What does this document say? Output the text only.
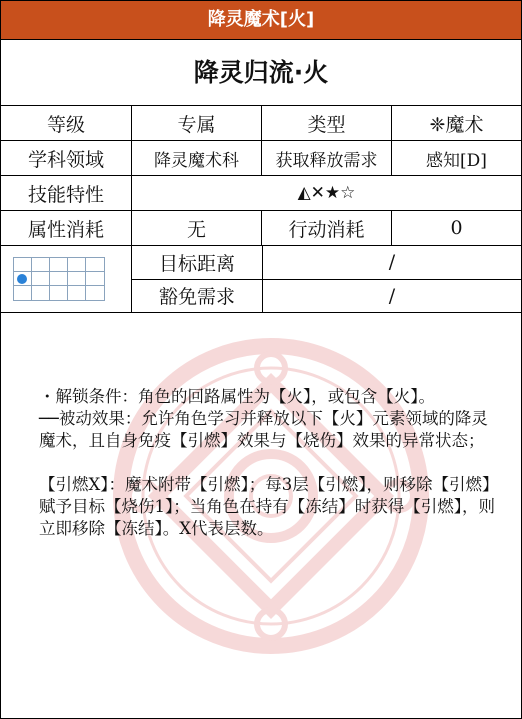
降灵魔术[火]
降灵归流·火
等级	专属	类型	❈魔术
学科领域	降灵魔术科	获取释放需求	感知[D]
技能特性	◭✕★☆
属性消耗	无	行动消耗	0
目标距离	/
豁免需求	/

・解锁条件：角色的回路属性为【火】，或包含【火】。

──被动效果：允许角色学习并释放以下【火】元素领域的降灵魔术，且自身免疫【引燃】效果与【烧伤】效果的异常状态；

【引燃X】：魔术附带【引燃】；每3层【引燃】，则移除【引燃】赋予目标【烧伤1】；当角色在持有【冻结】时获得【引燃】，则立即移除【冻结】。X代表层数。
